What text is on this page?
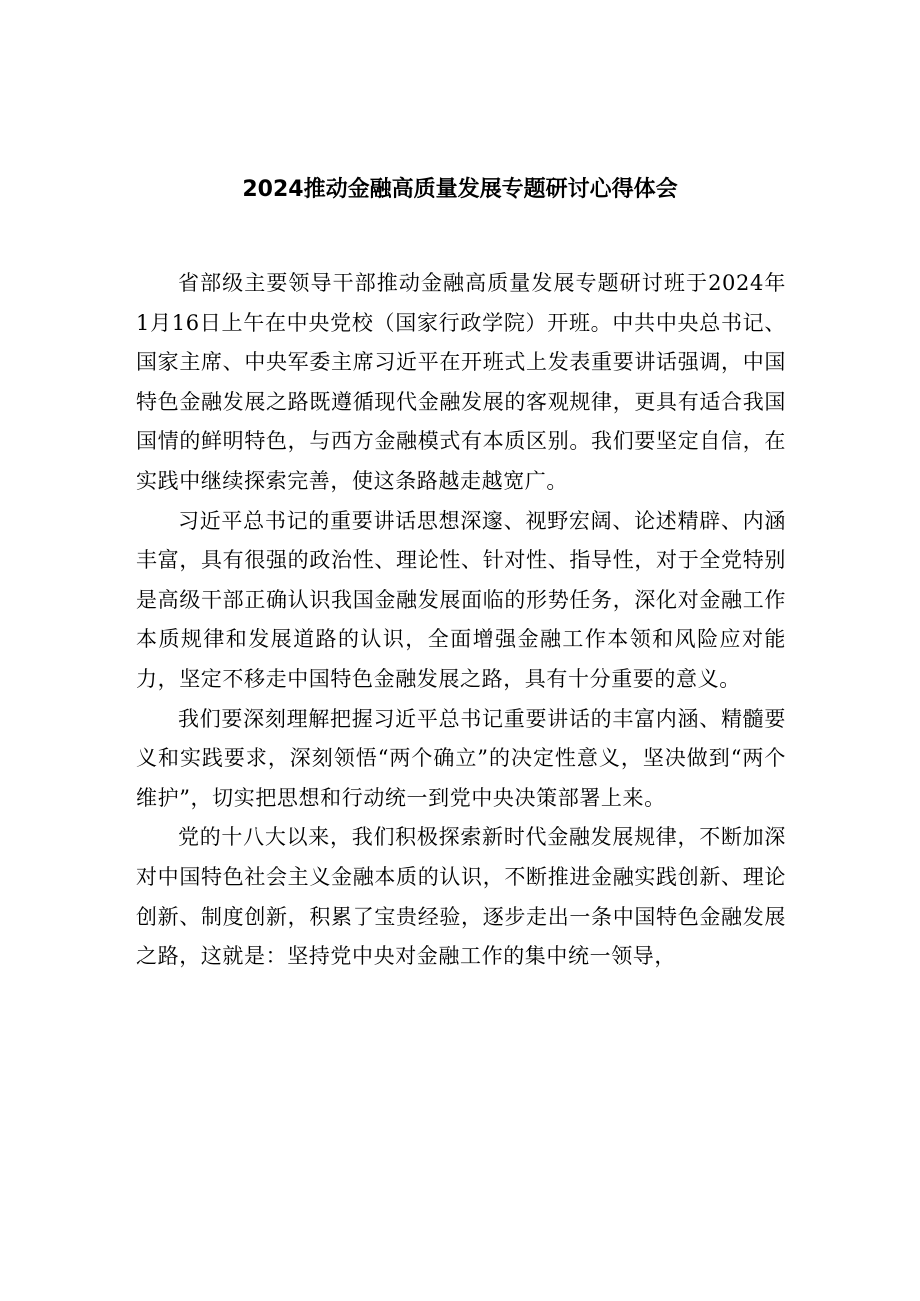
2024推动金融高质量发展专题研讨心得体会

省部级主要领导干部推动金融高质量发展专题研讨班于2024年1月16日上午在中央党校（国家行政学院）开班。中共中央总书记、国家主席、中央军委主席习近平在开班式上发表重要讲话强调，中国特色金融发展之路既遵循现代金融发展的客观规律，更具有适合我国国情的鲜明特色，与西方金融模式有本质区别。我们要坚定自信，在实践中继续探索完善，使这条路越走越宽广。

习近平总书记的重要讲话思想深邃、视野宏阔、论述精辟、内涵丰富，具有很强的政治性、理论性、针对性、指导性，对于全党特别是高级干部正确认识我国金融发展面临的形势任务，深化对金融工作本质规律和发展道路的认识，全面增强金融工作本领和风险应对能力，坚定不移走中国特色金融发展之路，具有十分重要的意义。

我们要深刻理解把握习近平总书记重要讲话的丰富内涵、精髓要义和实践要求，深刻领悟“两个确立”的决定性意义，坚决做到“两个维护”，切实把思想和行动统一到党中央决策部署上来。

党的十八大以来，我们积极探索新时代金融发展规律，不断加深对中国特色社会主义金融本质的认识，不断推进金融实践创新、理论创新、制度创新，积累了宝贵经验，逐步走出一条中国特色金融发展之路，这就是：坚持党中央对金融工作的集中统一领导，
